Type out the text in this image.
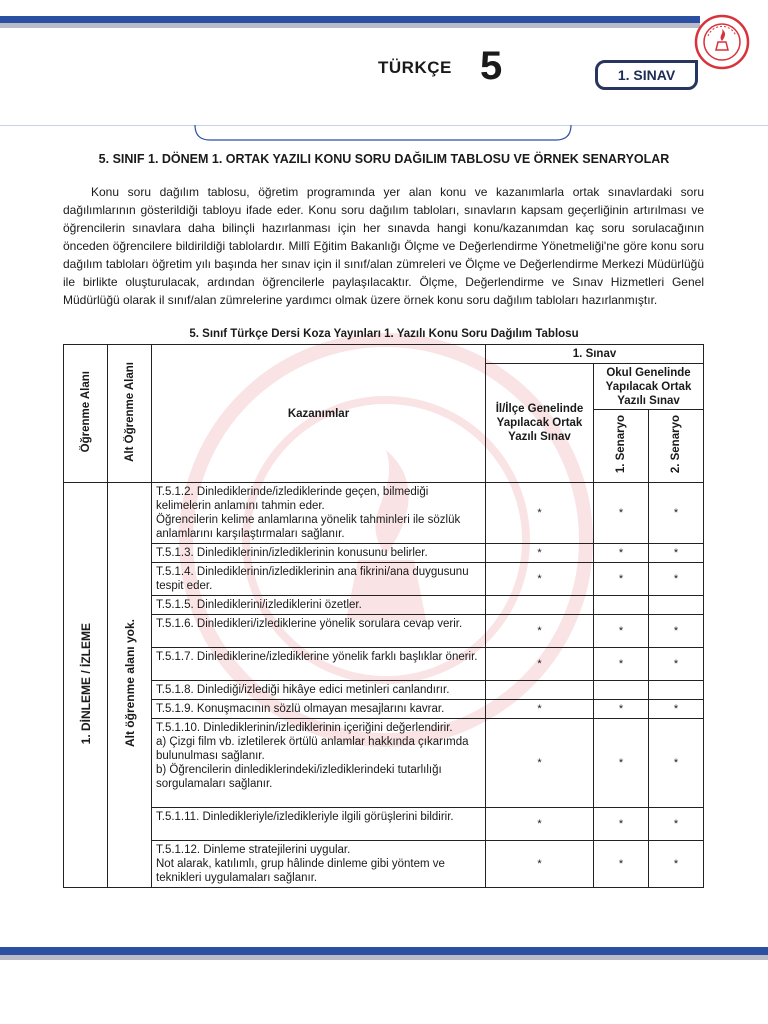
TÜRKÇE 5	1. SINAV
5. SINIF 1. DÖNEM 1. ORTAK YAZILI KONU SORU DAĞILIM TABLOSU VE ÖRNEK SENARYOLAR

Konu soru dağılım tablosu, öğretim programında yer alan konu ve kazanımlarla ortak sınavlardaki soru dağılımlarının gösterildiği tabloyu ifade eder. Konu soru dağılım tabloları, sınavların kapsam geçerliğinin artırılması ve öğrencilerin sınavlara daha bilinçli hazırlanması için her sınavda hangi konu/kazanımdan kaç soru sorulacağının önceden öğrencilere bildirildiği tablolardır. Millî Eğitim Bakanlığı Ölçme ve Değerlendirme Yönetmeliği'ne göre konu soru dağılım tabloları öğretim yılı başında her sınav için il sınıf/alan zümreleri ve Ölçme ve Değerlendirme Merkezi Müdürlüğü ile birlikte oluşturulacak, ardından öğrencilerle paylaşılacaktır. Ölçme, Değerlendirme ve Sınav Hizmetleri Genel Müdürlüğü olarak il sınıf/alan zümrelerine yardımcı olmak üzere örnek konu soru dağılım tabloları hazırlanmıştır.

5. Sınıf Türkçe Dersi Koza Yayınları 1. Yazılı Konu Soru Dağılım Tablosu
Öğrenme Alanı	Alt Öğrenme Alanı	Kazanımlar	1. Sınav		
			İl/İlçe Genelinde Yapılacak Ortak Yazılı Sınav	Okul Genelinde Yapılacak Ortak Yazılı Sınav	
				1. Senaryo	2. Senaryo
1. DİNLEME / İZLEME	Alt öğrenme alanı yok.	T.5.1.2. Dinlediklerinde/izlediklerinde geçen, bilmediği kelimelerin anlamını tahmin eder.
Öğrencilerin kelime anlamlarına yönelik tahminleri ile sözlük anlamlarını karşılaştırmaları sağlanır.	*	*	*
		T.5.1.3. Dinlediklerinin/izlediklerinin konusunu belirler.	*	*	*
		T.5.1.4. Dinlediklerinin/izlediklerinin ana fikrini/ana duygusunu tespit eder.	*	*	*
		T.5.1.5. Dinlediklerini/izlediklerini özetler.			
		T.5.1.6. Dinledikleri/izlediklerine yönelik sorulara cevap verir.	*	*	*
		T.5.1.7. Dinlediklerine/izlediklerine yönelik farklı başlıklar önerir.	*	*	*
		T.5.1.8. Dinlediği/izlediği hikâye edici metinleri canlandırır.			
		T.5.1.9. Konuşmacının sözlü olmayan mesajlarını kavrar.	*	*	*
		T.5.1.10. Dinlediklerinin/izlediklerinin içeriğini değerlendirir.
a) Çizgi film vb. izletilerek örtülü anlamlar hakkında çıkarımda bulunulması sağlanır.
b) Öğrencilerin dinlediklerindeki/izlediklerindeki tutarlılığı sorgulamaları sağlanır.	*	*	*
		T.5.1.11. Dinledikleriyle/izledikleriyle ilgili görüşlerini bildirir.	*	*	*
		T.5.1.12. Dinleme stratejilerini uygular.
Not alarak, katılımlı, grup hâlinde dinleme gibi yöntem ve teknikleri uygulamaları sağlanır.	*	*	*
